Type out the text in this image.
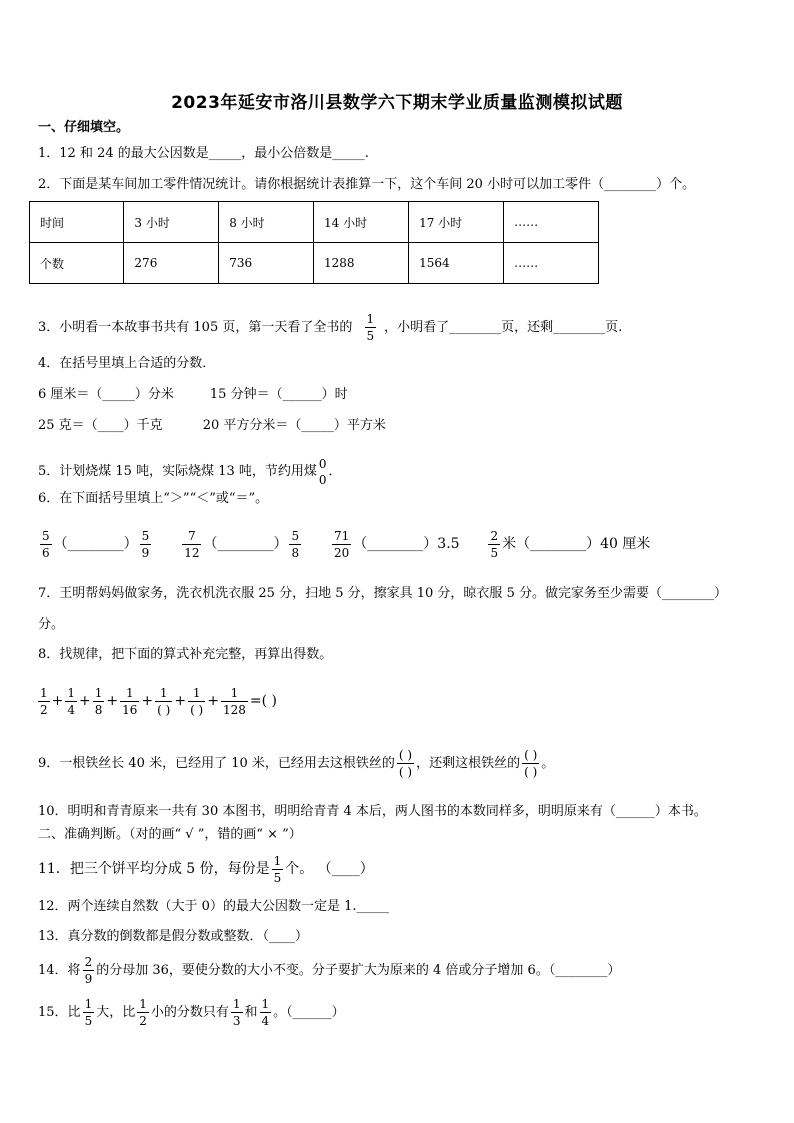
2023年延安市洛川县数学六下期末学业质量监测模拟试题
一、仔细填空。
1．12 和 24 的最大公因数是_____，最小公倍数是_____.
2．下面是某车间加工零件情况统计。请你根据统计表推算一下，这个车间 20 小时可以加工零件（________）个。
时间	3 小时	8 小时	14 小时	17 小时	……
个数	276	736	1288	1564	……
3．小明看一本故事书共有 105 页，第一天看了全书的 $\frac{1}{5}$ ，小明看了________页，还剩________页.
4．在括号里填上合适的分数．
6 厘米＝（_____）分米	15 分钟＝（______）时
25 克＝（____）千克	20 平方分米＝（_____）平方米
5．计划烧煤 15 吨，实际烧煤 13 吨，节约用煤
0
0
．
6．在下面括号里填上“＞”“＜”或“＝”。
$\frac{5}{6}$ （________） $\frac{5}{9}$
	$\frac{7}{12}$ （________） $\frac{5}{8}$
	$\frac{71}{20}$ （________）3.5 $\frac{2}{5}$ 米（________）40 厘米
7．王明帮妈妈做家务，洗衣机洗衣服 25 分，扫地 5 分，擦家具 10 分，晾衣服 5 分。做完家务至少需要（________）
分。
8．找规律，把下面的算式补充完整，再算出得数。
$\frac{1}{2} + \frac{1}{4} + \frac{1}{8} + \frac{1}{16} + \frac{1}{( )} + \frac{1}{( )} + \frac{1}{128}$ =( )
9．一根铁丝长 40 米，已经用了 10 米，已经用去这根铁丝的 $\frac{( )}{( )}$ ，还剩这根铁丝的 $\frac{( )}{( )}$ 。
10．明明和青青原来一共有 30 本图书，明明给青青 4 本后，两人图书的本数同样多，明明原来有（______）本书。
二、准确判断。（对的画“ √ ”，错的画“ × ”）
11．把三个饼平均分成 5 份，每份是 $\frac{1}{5}$ 个。 （____）
12．两个连续自然数（大于 0）的最大公因数一定是 1._____
13．真分数的倒数都是假分数或整数．（____）
14．将 $\frac{2}{9}$ 的分母加 36，要使分数的大小不变。分子要扩大为原来的 4 倍或分子增加 6。（________）
15．比 $\frac{1}{5}$ 大，比 $\frac{1}{2}$ 小的分数只有 $\frac{1}{3}$ 和 $\frac{1}{4}$ 。（______）
